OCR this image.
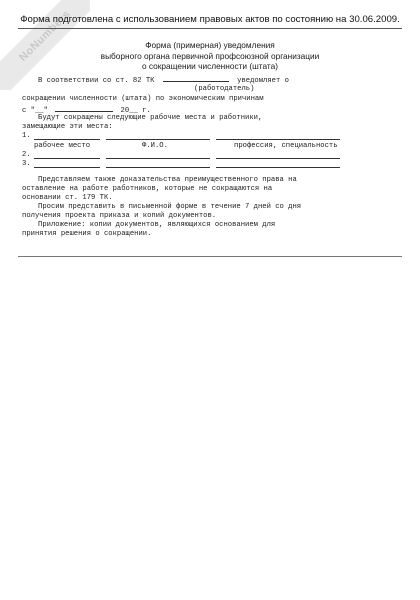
NoNumbers
Форма подготовлена с использованием правовых актов по состоянию на 30.06.2009.
Форма (примерная) уведомления
выборного органа первичной профсоюзной организации
о сокращении численности (штата)
В соответствии со ст. 82 ТК	уведомляет о
(работодатель)
сокращении численности (штата) по экономическим причинам
с "__"	20__ г.
Будут сокращены следующие рабочие места и работники,
замещающие эти места:
1.
рабочее место	Ф.И.О.	профессия, специальность
2.
3.
Представляем также доказательства преимущественного права на
оставление на работе работников, которые не сокращаются на
основании ст. 179 ТК.
Просим представить в письменной форме в течение 7 дней со дня
получения проекта приказа и копий документов.
Приложение: копии документов, являющихся основанием для
принятия решения о сокращении.
